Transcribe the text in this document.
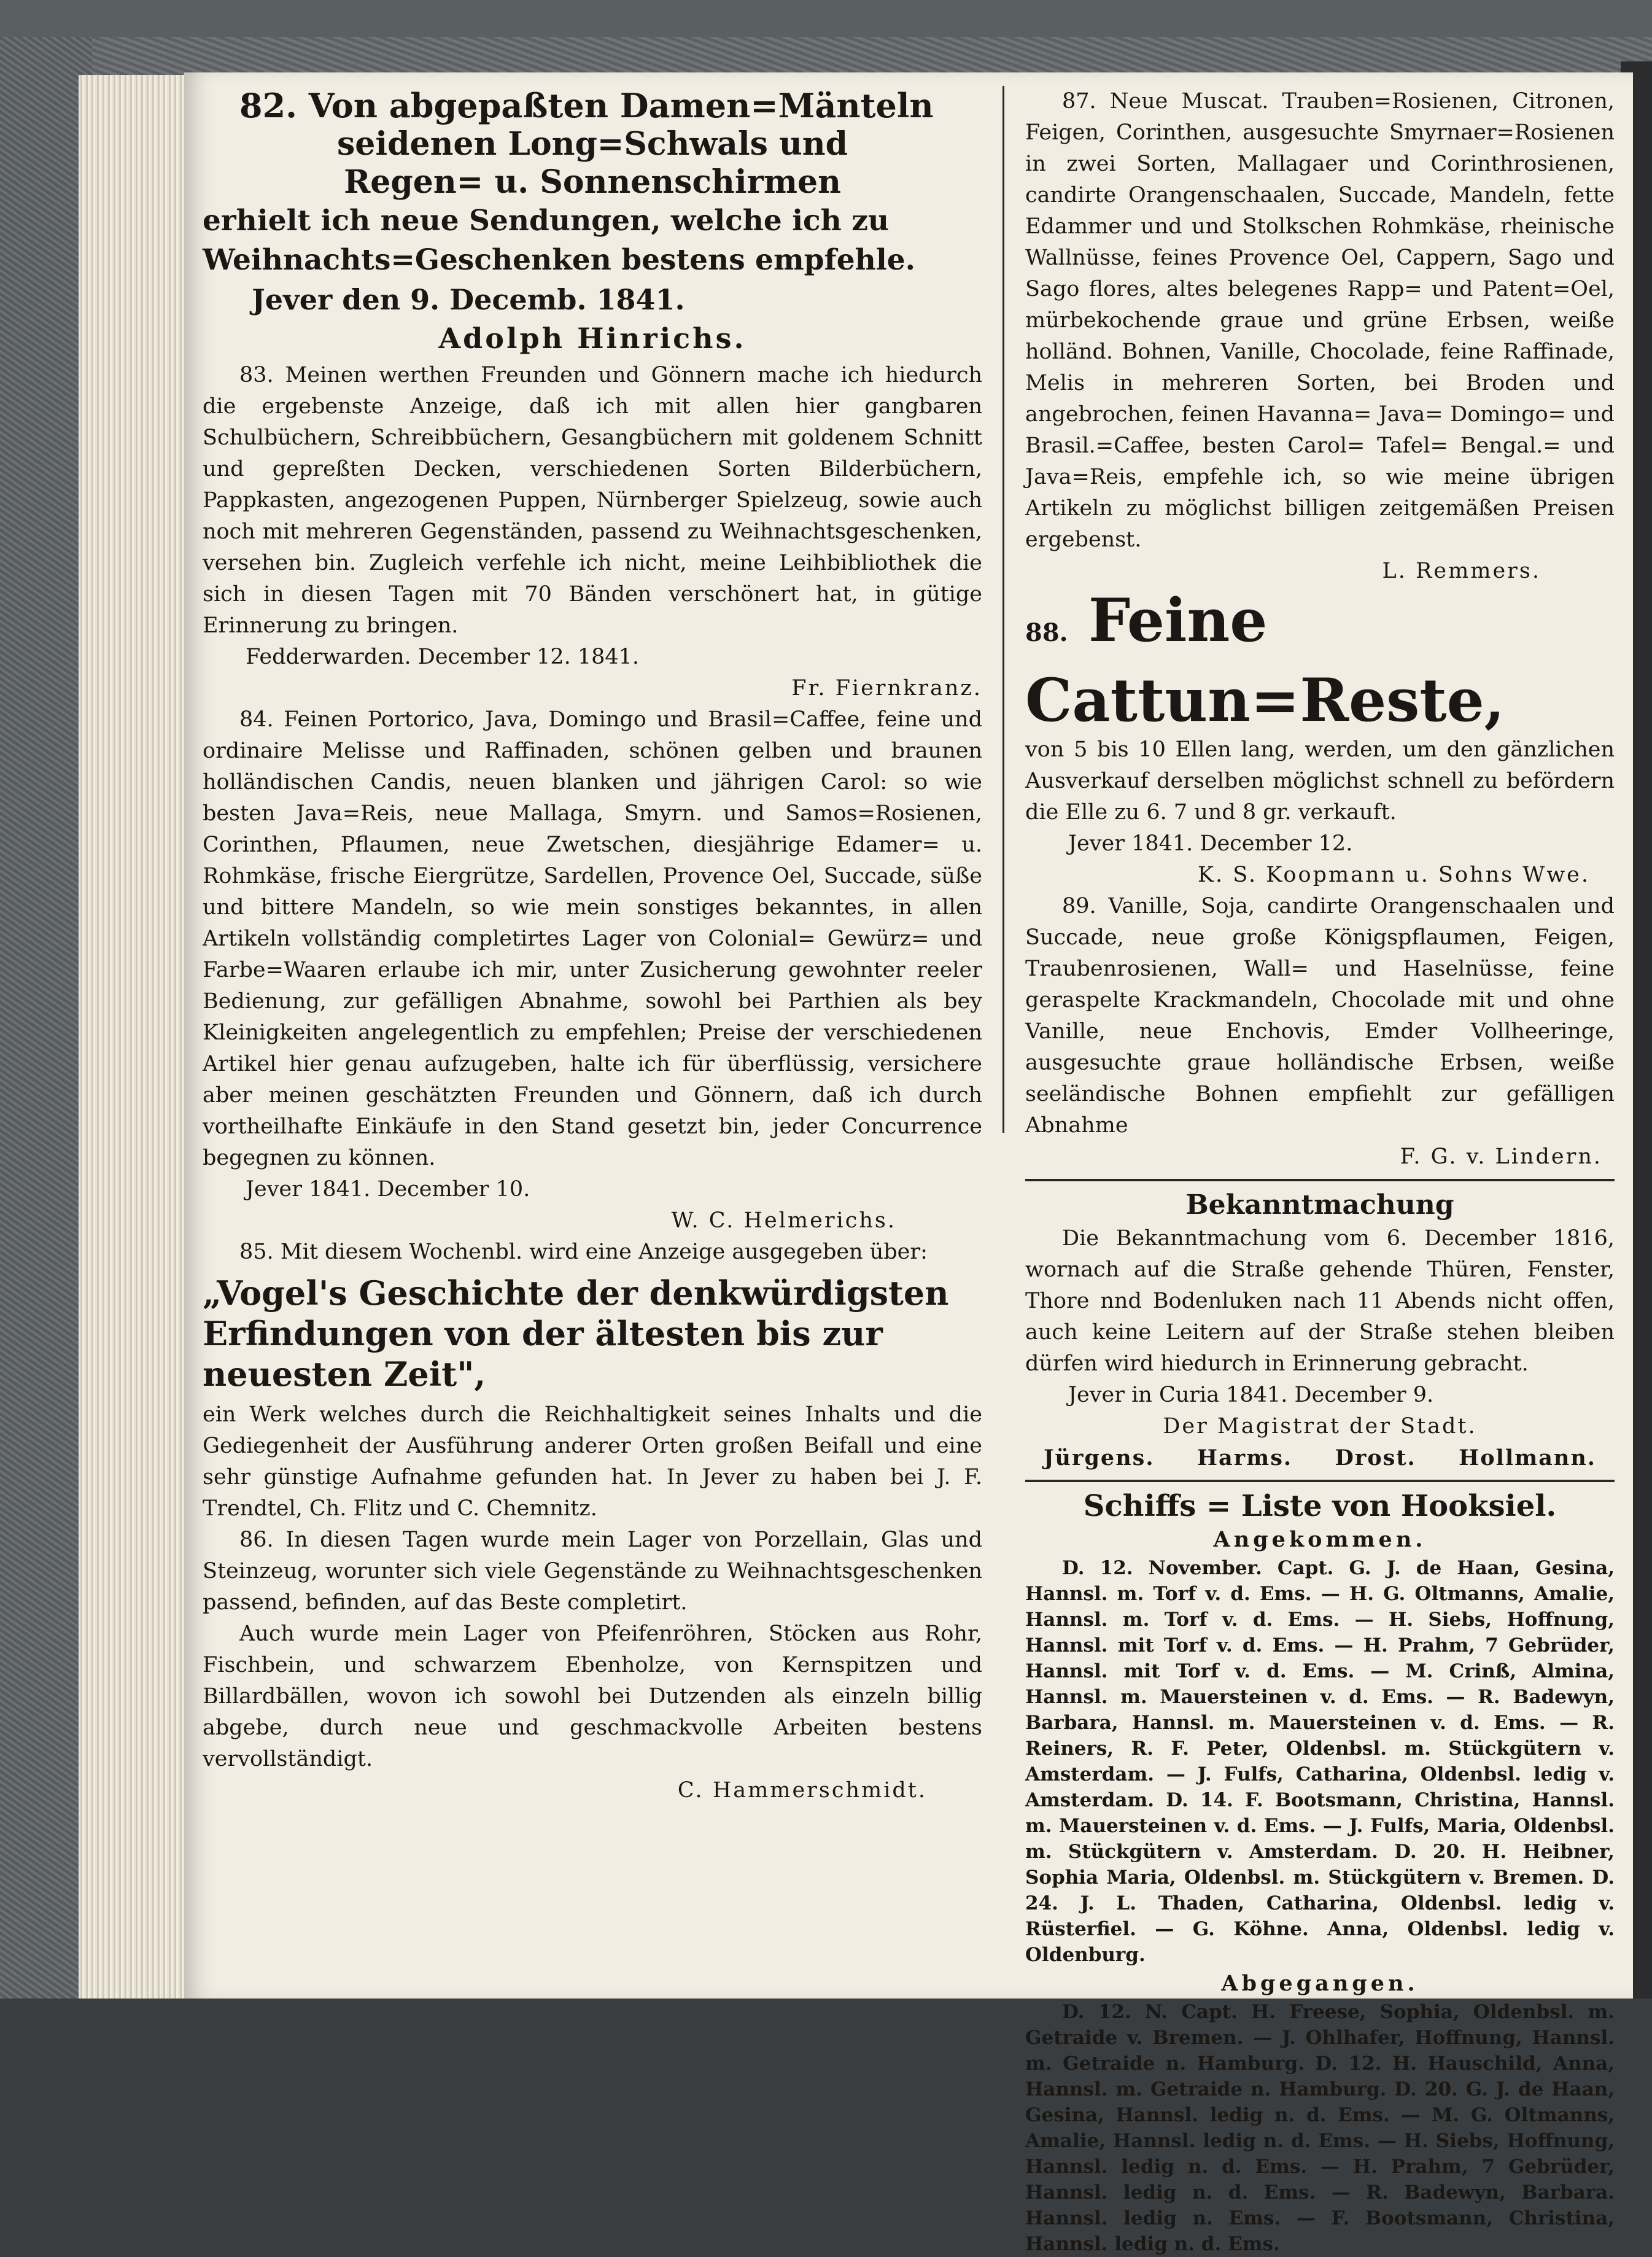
82. Von abgepaßten Damen=Mänteln
seidenen Long=Schwals und
Regen= u. Sonnenschirmen
erhielt ich neue Sendungen, welche ich zu
Weihnachts=Geschenken bestens empfehle.
Jever den 9. Decemb. 1841.
Adolph Hinrichs.

83. Meinen werthen Freunden und Gönnern mache ich hiedurch die ergebenste Anzeige, daß ich mit allen hier gangbaren Schulbüchern, Schreibbüchern, Gesangbüchern mit goldenem Schnitt und gepreßten Decken, verschiedenen Sorten Bilderbüchern, Pappkasten, angezogenen Puppen, Nürnberger Spielzeug, sowie auch noch mit mehreren Gegenständen, passend zu Weihnachtsgeschenken, versehen bin. Zugleich verfehle ich nicht, meine Leihbibliothek die sich in diesen Tagen mit 70 Bänden verschönert hat, in gütige Erinnerung zu bringen.

Fedderwarden. December 12. 1841.
Fr. Fiernkranz.

84. Feinen Portorico, Java, Domingo und Brasil=Caffee, feine und ordinaire Melisse und Raffinaden, schönen gelben und braunen holländischen Candis, neuen blanken und jährigen Carol: so wie besten Java=Reis, neue Mallaga, Smyrn. und Samos=Rosienen, Corinthen, Pflaumen, neue Zwetschen, diesjährige Edamer= u. Rohmkäse, frische Eiergrütze, Sardellen, Provence Oel, Succade, süße und bittere Mandeln, so wie mein sonstiges bekanntes, in allen Artikeln vollständig completirtes Lager von Colonial= Gewürz= und Farbe=Waaren erlaube ich mir, unter Zusicherung gewohnter reeler Bedienung, zur gefälligen Abnahme, sowohl bei Parthien als bey Kleinigkeiten angelegentlich zu empfehlen; Preise der verschiedenen Artikel hier genau aufzugeben, halte ich für überflüssig, versichere aber meinen geschätzten Freunden und Gönnern, daß ich durch vortheilhafte Einkäufe in den Stand gesetzt bin, jeder Concurrence begegnen zu können.

Jever 1841. December 10.
W. C. Helmerichs.

85. Mit diesem Wochenbl. wird eine Anzeige ausgegeben über:

„Vogel's Geschichte der denkwürdigsten
Erfindungen von der ältesten bis zur
neuesten Zeit",

ein Werk welches durch die Reichhaltigkeit seines Inhalts und die Gediegenheit der Ausführung anderer Orten großen Beifall und eine sehr günstige Aufnahme gefunden hat. In Jever zu haben bei J. F. Trendtel, Ch. Flitz und C. Chemnitz.

86. In diesen Tagen wurde mein Lager von Porzellain, Glas und Steinzeug, worunter sich viele Gegenstände zu Weihnachtsgeschenken passend, befinden, auf das Beste completirt.

Auch wurde mein Lager von Pfeifenröhren, Stöcken aus Rohr, Fischbein, und schwarzem Ebenholze, von Kernspitzen und Billardbällen, wovon ich sowohl bei Dutzenden als einzeln billig abgebe, durch neue und geschmackvolle Arbeiten bestens vervollständigt.

C. Hammerschmidt.

87. Neue Muscat. Trauben=Rosienen, Citronen, Feigen, Corinthen, ausgesuchte Smyrnaer=Rosienen in zwei Sorten, Mallagaer und Corinthrosienen, candirte Orangenschaalen, Succade, Mandeln, fette Edammer und und Stolkschen Rohmkäse, rheinische Wallnüsse, feines Provence Oel, Cappern, Sago und Sago flores, altes belegenes Rapp= und Patent=Oel, mürbekochende graue und grüne Erbsen, weiße holländ. Bohnen, Vanille, Chocolade, feine Raffinade, Melis in mehreren Sorten, bei Broden und angebrochen, feinen Havanna= Java= Domingo= und Brasil.=Caffee, besten Carol= Tafel= Bengal.= und Java=Reis, empfehle ich, so wie meine übrigen Artikeln zu möglichst billigen zeitgemäßen Preisen ergebenst.

L. Remmers.
88. Feine Cattun=Reste,

von 5 bis 10 Ellen lang, werden, um den gänzlichen Ausverkauf derselben möglichst schnell zu befördern die Elle zu 6. 7 und 8 gr. verkauft.

Jever 1841. December 12.
K. S. Koopmann u. Sohns Wwe.

89. Vanille, Soja, candirte Orangenschaalen und Succade, neue große Königspflaumen, Feigen, Traubenrosienen, Wall= und Haselnüsse, feine geraspelte Krackmandeln, Chocolade mit und ohne Vanille, neue Enchovis, Emder Vollheeringe, ausgesuchte graue holländische Erbsen, weiße seeländische Bohnen empfiehlt zur gefälligen Abnahme

F. G. v. Lindern.
Bekanntmachung

Die Bekanntmachung vom 6. December 1816, wornach auf die Straße gehende Thüren, Fenster, Thore nnd Bodenluken nach 11 Abends nicht offen, auch keine Leitern auf der Straße stehen bleiben dürfen wird hiedurch in Erinnerung gebracht.

Jever in Curia 1841. December 9.
Der Magistrat der Stadt.
Jürgens. Harms. Drost. Hollmann.
Schiffs = Liste von Hooksiel.
Angekommen.

D. 12. November. Capt. G. J. de Haan, Gesina, Hannsl. m. Torf v. d. Ems. — H. G. Oltmanns, Amalie, Hannsl. m. Torf v. d. Ems. — H. Siebs, Hoffnung, Hannsl. mit Torf v. d. Ems. — H. Prahm, 7 Gebrüder, Hannsl. mit Torf v. d. Ems. — M. Crinß, Almina, Hannsl. m. Mauersteinen v. d. Ems. — R. Badewyn, Barbara, Hannsl. m. Mauersteinen v. d. Ems. — R. Reiners, R. F. Peter, Oldenbsl. m. Stückgütern v. Amsterdam. — J. Fulfs, Catharina, Oldenbsl. ledig v. Amsterdam. D. 14. F. Bootsmann, Christina, Hannsl. m. Mauersteinen v. d. Ems. — J. Fulfs, Maria, Oldenbsl. m. Stückgütern v. Amsterdam. D. 20. H. Heibner, Sophia Maria, Oldenbsl. m. Stückgütern v. Bremen. D. 24. J. L. Thaden, Catharina, Oldenbsl. ledig v. Rüsterfiel. — G. Köhne. Anna, Oldenbsl. ledig v. Oldenburg.

Abgegangen.

D. 12. N. Capt. H. Freese, Sophia, Oldenbsl. m. Getraide v. Bremen. — J. Ohlhafer, Hoffnung, Hannsl. m. Getraide n. Hamburg. D. 12. H. Hauschild, Anna, Hannsl. m. Getraide n. Hamburg. D. 20. G. J. de Haan, Gesina, Hannsl. ledig n. d. Ems. — M. G. Oltmanns, Amalie, Hannsl. ledig n. d. Ems. — H. Siebs, Hoffnung, Hannsl. ledig n. d. Ems. — H. Prahm, 7 Gebrüder, Hannsl. ledig n. d. Ems. — R. Badewyn, Barbara. Hannsl. ledig n. Ems. — F. Bootsmann, Christina, Hannsl. ledig n. d. Ems.
